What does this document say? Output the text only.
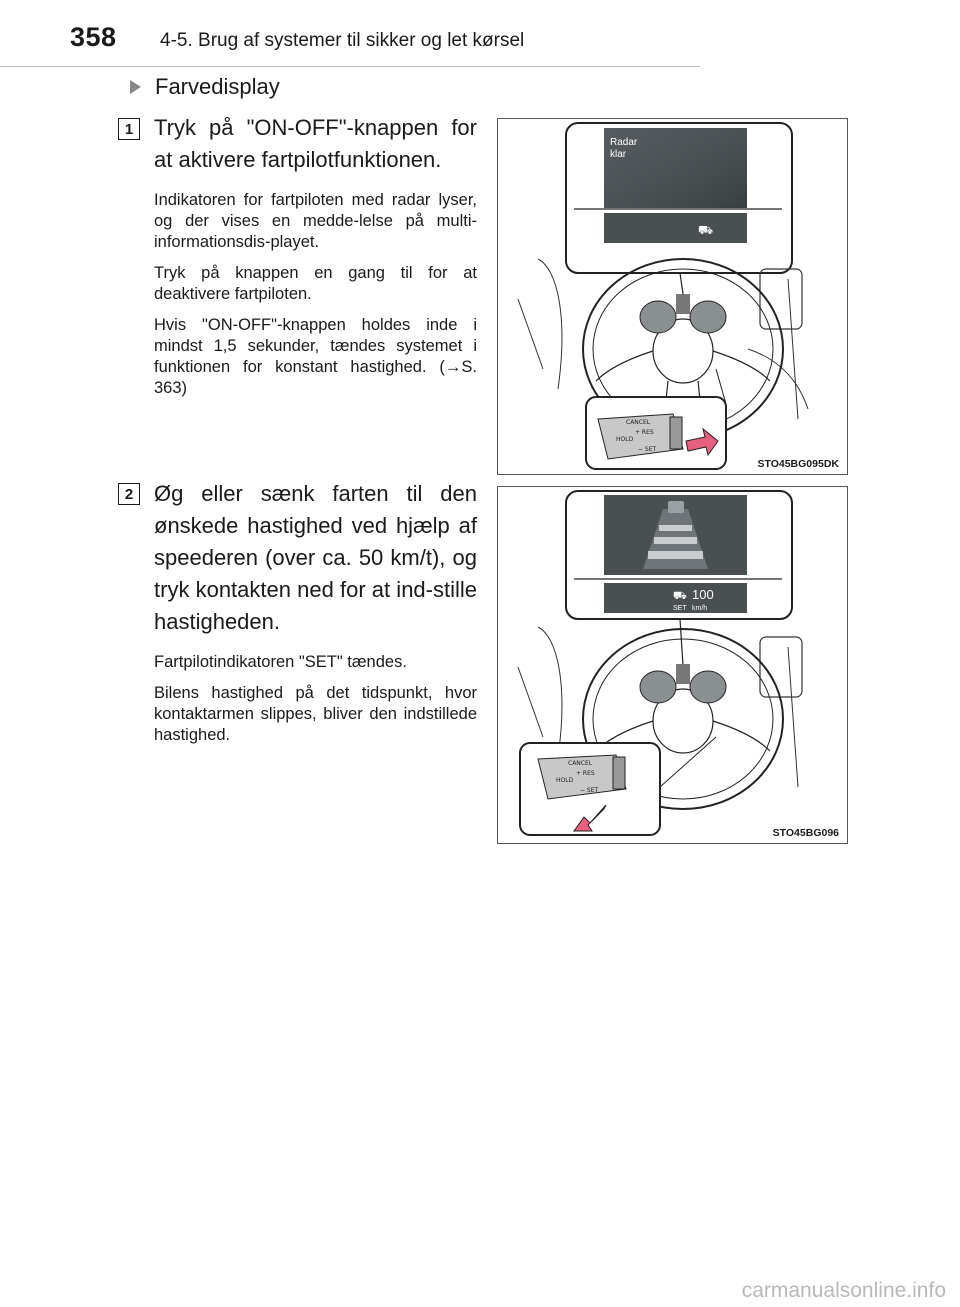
358 4-5. Brug af systemer til sikker og let kørsel
Farvedisplay
1 Tryk på "ON-OFF"-knappen for at aktivere fartpilotfunktionen.

Indikatoren for fartpiloten med radar lyser, og der vises en medde-lelse på multi-informationsdis-playet.

Tryk på knappen en gang til for at deaktivere fartpiloten.

Hvis "ON-OFF"-knappen holdes inde i mindst 1,5 sekunder, tændes systemet i funktionen for konstant hastighed. (→S. 363)

Radar
klar
⛟
CANCEL
+ RES
HOLD
− SET
STO45BG095DK
2 Øg eller sænk farten til den ønskede hastighed ved hjælp af speederen (over ca. 50 km/t), og tryk kontakten ned for at ind-stille hastigheden.

Fartpilotindikatoren "SET" tændes.

Bilens hastighed på det tidspunkt, hvor kontaktarmen slippes, bliver den indstillede hastighed.

⛟ 100
SET km/h
CANCEL
+ RES
HOLD
− SET
STO45BG096
carmanualsonline.info
